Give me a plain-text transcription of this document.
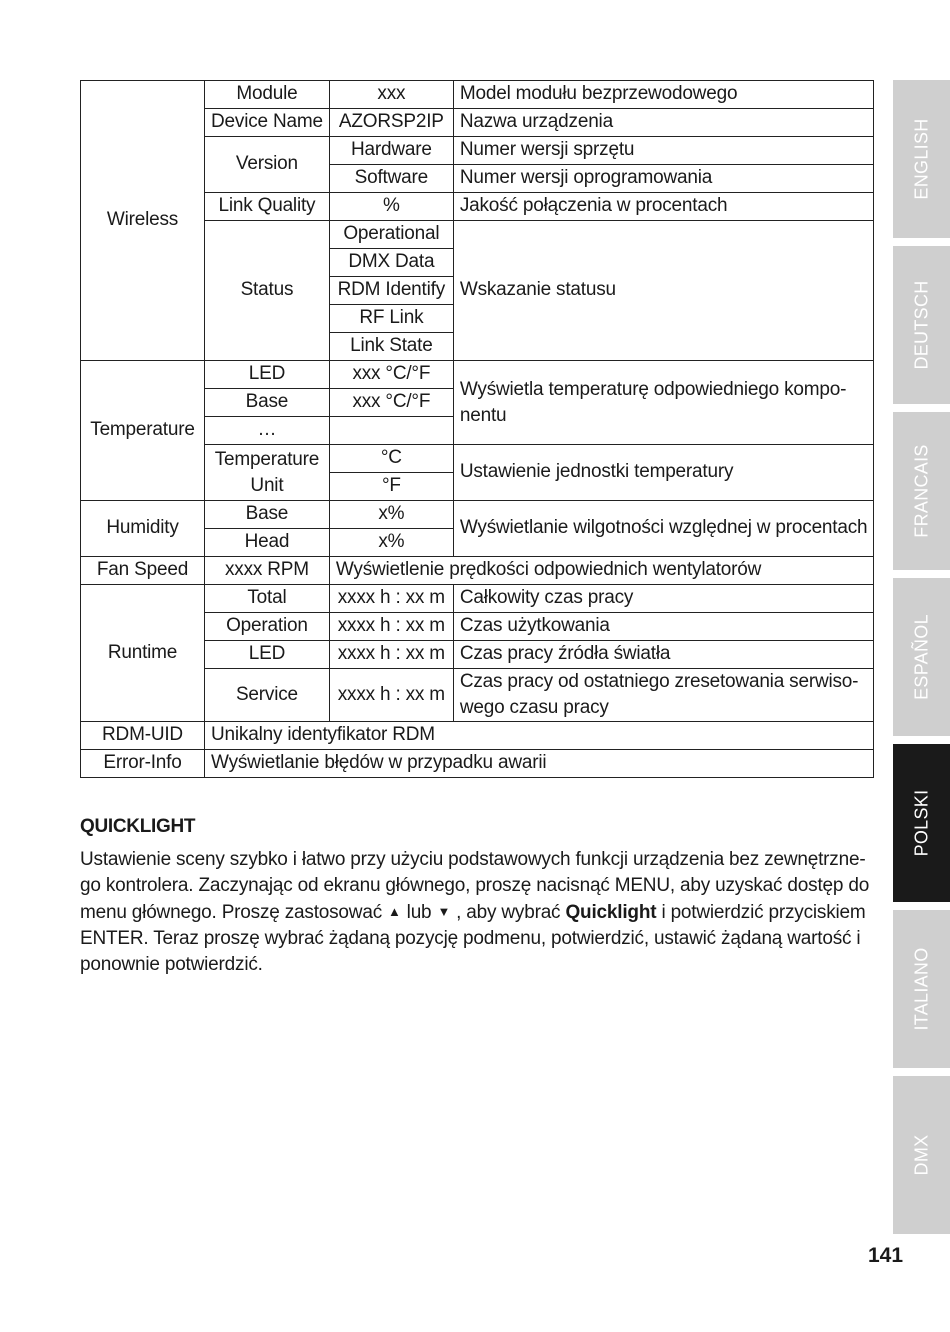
Wireless	Module	xxx	Model modułu bezprzewodowego
	Device Name	AZORSP2IP	Nazwa urządzenia
	Version	Hardware	Numer wersji sprzętu
		Software	Numer wersji oprogramowania
	Link Quality	%	Jakość połączenia w procentach
	Status	Operational	Wskazanie statusu
		DMX Data	
		RDM Identify	
		RF Link	
		Link State	
Temperature	LED	xxx °C/°F	Wyświetla temperaturę odpowiedniego kompo-
nentu
	Base	xxx °C/°F	
	…		
	Temperature Unit	°C	Ustawienie jednostki temperatury
		°F	
Humidity	Base	x%	Wyświetlanie wilgotności względnej w procentach
	Head	x%	
Fan Speed	xxxx RPM	Wyświetlenie prędkości odpowiednich wentylatorów	
Runtime	Total	xxxx h : xx m	Całkowity czas pracy
	Operation	xxxx h : xx m	Czas użytkowania
	LED	xxxx h : xx m	Czas pracy źródła światła
	Service	xxxx h : xx m	Czas pracy od ostatniego zresetowania serwiso-
wego czasu pracy
RDM-UID	Unikalny identyfikator RDM		
Error-Info	Wyświetlanie błędów w przypadku awarii		
QUICKLIGHT
Ustawienie sceny szybko i łatwo przy użyciu podstawowych funkcji urządzenia bez zewnętrzne-
go kontrolera. Zaczynając od ekranu głównego, proszę nacisnąć MENU, aby uzyskać dostęp do
menu głównego. Proszę zastosować ▲ lub ▼ , aby wybrać Quicklight i potwierdzić przyciskiem
ENTER. Teraz proszę wybrać żądaną pozycję podmenu, potwierdzić, ustawić żądaną wartość i
ponownie potwierdzić.
ENGLISH
DEUTSCH
FRANCAIS
ESPAÑOL
POLSKI
ITALIANO
DMX
141
